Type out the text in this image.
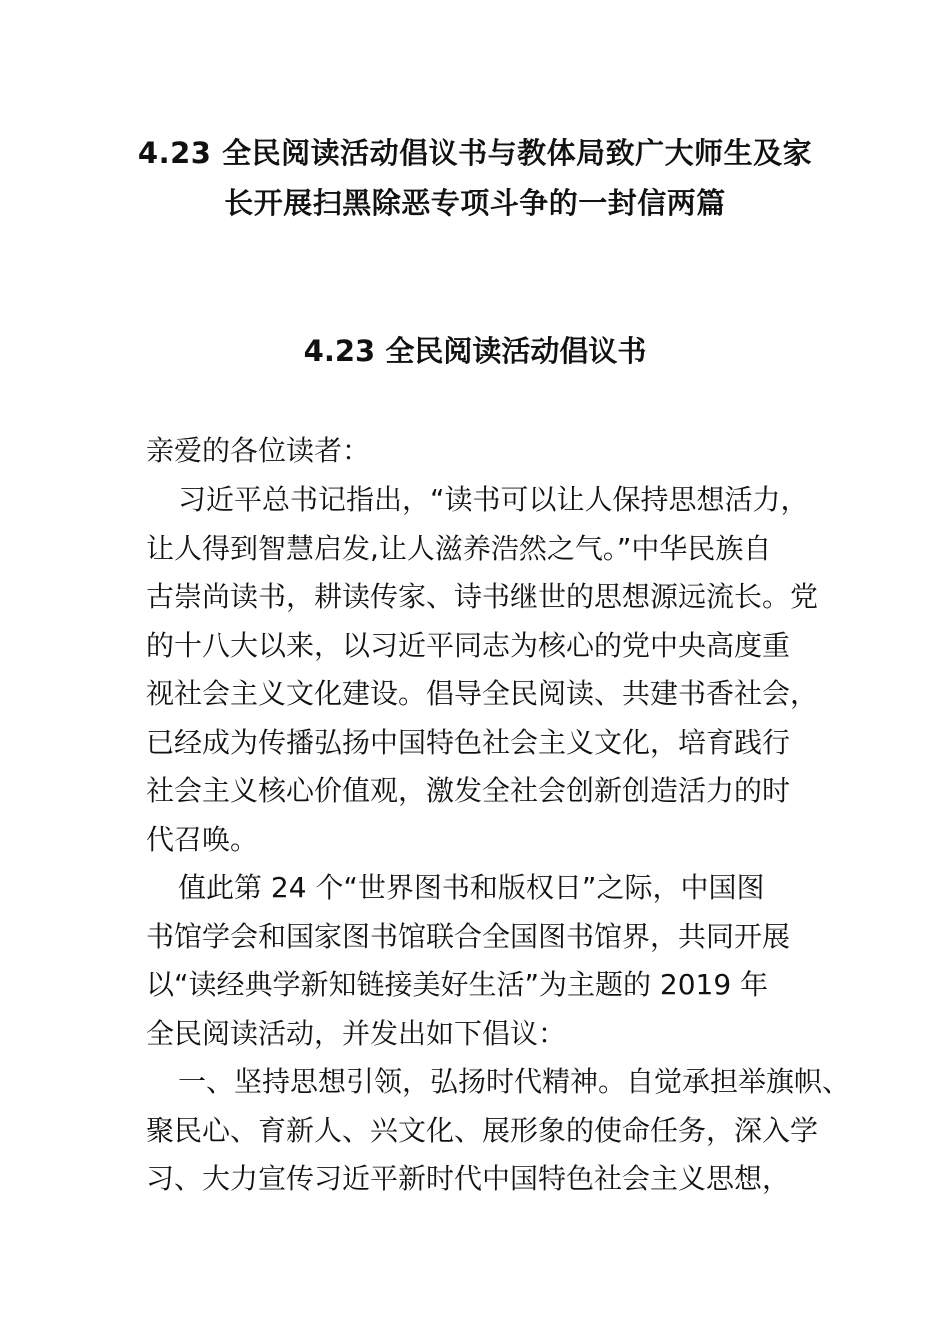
4.23 全民阅读活动倡议书与教体局致广大师生及家
长开展扫黑除恶专项斗争的一封信两篇
4.23 全民阅读活动倡议书
亲爱的各位读者：
习近平总书记指出，“读书可以让人保持思想活力，
让人得到智慧启发,让人滋养浩然之气。”中华民族自
古崇尚读书，耕读传家、诗书继世的思想源远流长。党
的十八大以来，以习近平同志为核心的党中央高度重
视社会主义文化建设。倡导全民阅读、共建书香社会，
已经成为传播弘扬中国特色社会主义文化，培育践行
社会主义核心价值观，激发全社会创新创造活力的时
代召唤。
值此第 24 个“世界图书和版权日”之际，中国图
书馆学会和国家图书馆联合全国图书馆界，共同开展
以“读经典学新知链接美好生活”为主题的 2019 年
全民阅读活动，并发出如下倡议：
一、坚持思想引领，弘扬时代精神。自觉承担举旗帜、
聚民心、育新人、兴文化、展形象的使命任务，深入学
习、大力宣传习近平新时代中国特色社会主义思想，
